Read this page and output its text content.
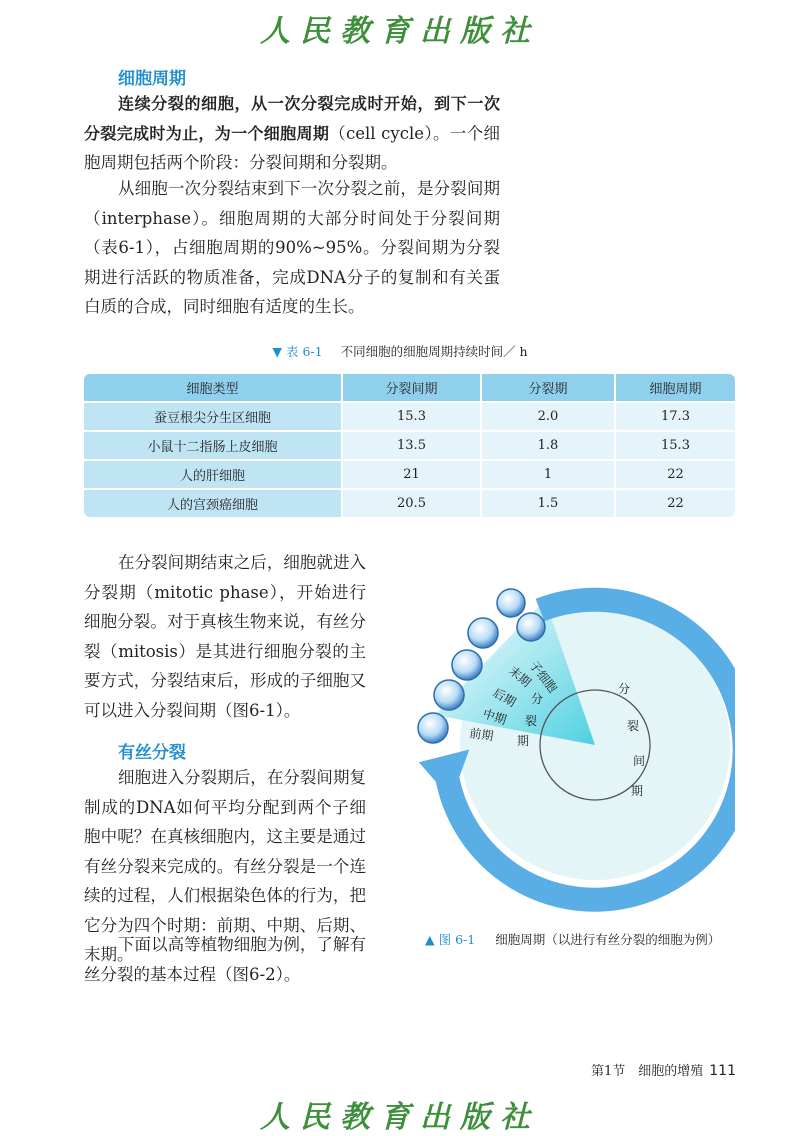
人民教育出版社
细胞周期

连续分裂的细胞，从一次分裂完成时开始，到下一次分裂完成时为止，为一个细胞周期（cell cycle）。一个细胞周期包括两个阶段：分裂间期和分裂期。

从细胞一次分裂结束到下一次分裂之前，是分裂间期（interphase）。细胞周期的大部分时间处于分裂间期（表6-1），占细胞周期的90%~95%。分裂间期为分裂期进行活跃的物质准备，完成DNA分子的复制和有关蛋白质的合成，同时细胞有适度的生长。

▼ 表 6-1 不同细胞的细胞周期持续时间／ h
细胞类型	分裂间期	分裂期	细胞周期
蚕豆根尖分生区细胞	15.3	2.0	17.3
小鼠十二指肠上皮细胞	13.5	1.8	15.3
人的肝细胞	21	1	22
人的宫颈癌细胞	20.5	1.5	22

在分裂间期结束之后，细胞就进入分裂期（mitotic phase），开始进行细胞分裂。对于真核生物来说，有丝分裂（mitosis）是其进行细胞分裂的主要方式，分裂结束后，形成的子细胞又可以进入分裂间期（图6-1）。

有丝分裂

细胞进入分裂期后，在分裂间期复制成的DNA如何平均分配到两个子细胞中呢？在真核细胞内，这主要是通过有丝分裂来完成的。有丝分裂是一个连续的过程，人们根据染色体的行为，把它分为四个时期：前期、中期、后期、末期。

下面以高等植物细胞为例，了解有丝分裂的基本过程（图6-2）。

子细胞
末期
后期
中期
前期
分
裂
期
分
裂
间
期
▲ 图 6-1 细胞周期（以进行有丝分裂的细胞为例）
第1节　细胞的增殖 111
人民教育出版社
